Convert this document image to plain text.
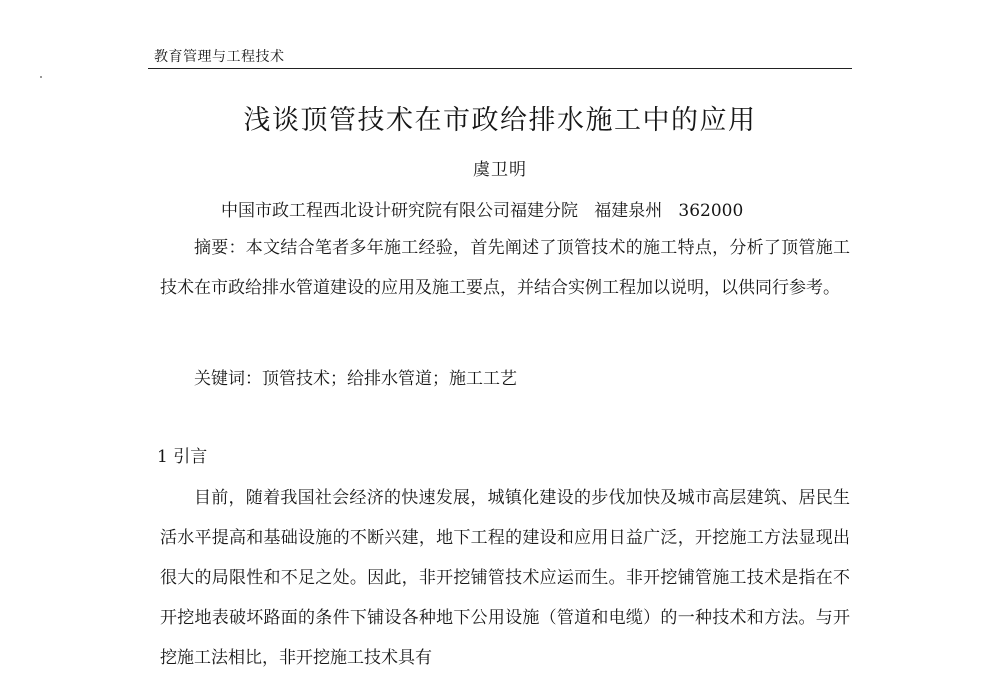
教育管理与工程技术
浅谈顶管技术在市政给排水施工中的应用
虞卫明
中国市政工程西北设计研究院有限公司福建分院   福建泉州   362000
摘要：本文结合笔者多年施工经验，首先阐述了顶管技术的施工特点，分析了顶管施工技术在市政给排水管道建设的应用及施工要点，并结合实例工程加以说明，以供同行参考。
关键词：顶管技术；给排水管道；施工工艺
1 引言
目前，随着我国社会经济的快速发展，城镇化建设的步伐加快及城市高层建筑、居民生活水平提高和基础设施的不断兴建，地下工程的建设和应用日益广泛，开挖施工方法显现出很大的局限性和不足之处。因此，非开挖铺管技术应运而生。非开挖铺管施工技术是指在不开挖地表破坏路面的条件下铺设各种地下公用设施（管道和电缆）的一种技术和方法。与开挖施工法相比，非开挖施工技术具有
